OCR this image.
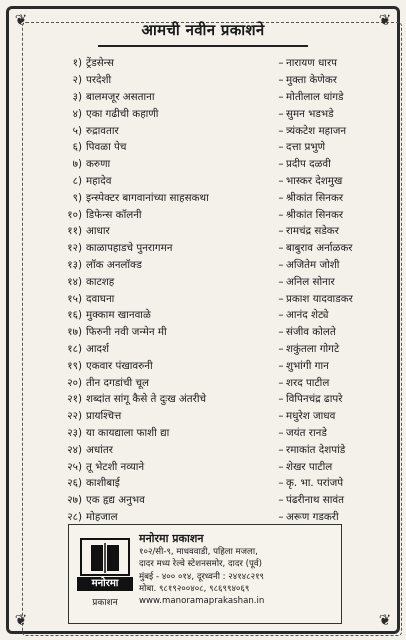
❦	❦
❦	❦
आमची नवीन प्रकाशने
१) ट्रेंडसेन्स	– नारायण धारप
२) परदेशी	– मुक्ता केणेकर
३) बालमजूर असताना	– मोतीलाल धांगडे
४) एका गढीची कहाणी	– सुमन भडभडे
५) रुद्रावतार	– त्र्यंकटेश महाजन
६) पिवळा पेच	– दत्ता प्रभुणे
७) करुणा	– प्रदीप दळवी
८) महादेव	– भास्कर देशमुख
९) इन्स्पेक्टर बागवानांच्या साहसकथा	– श्रीकांत सिनकर
१०) डिफेन्स कॉलनी	– श्रीकांत सिनकर
११) आधार	– रामचंद्र सडेकर
१२) काळापहाडचे पुनरागमन	– बाबुराव अर्नाळकर
१३) लॉक अनलॉक्ड	– अजितेम जोशी
१४) काटशह	– अनिल सोनार
१५) दवाघना	– प्रकाश यादवाडकर
१६) मुक्काम खानवाळे	– आनंद शेट्ये
१७) फिरुनी नवी जन्मेन मी	– संजीव कोलते
१८) आदर्श	– शकुंतला गोगटे
१९) एकवार पंखावरुनी	– शुभांगी गान
२०) तीन दगडांची चूल	– शरद पाटील
२१) शब्दांत सांगू कैसे ते दुःख अंतरीचे	– विपिनचंद्र ढापरे
२२) प्रायश्चित्त	– मधुरेश जाधव
२३) या कायद्याला फाशी द्या	– जयंत रानडे
२४) अधांतर	– रमाकांत देशपांडे
२५) तू भेटशी नव्याने	– शेखर पाटील
२६) काशीबाई	– कृ. भा. परांजपे
२७) एक हृद्य अनुभव	– पंढरीनाथ सावंत
२८) मोहजाल	– अरूण गडकरी
मनोरमा
प्रकाशन
मनोरमा प्रकाशन
१०२/सी-९, माधववाडी, पहिला मजला,
दादर मध्य रेल्वे स्टेशनसमोर, दादर (पूर्व)
मुंबई - ४०० ०१४, दूरध्वनी : २४१४८२१९
मोबा. ९८१९२००४०८, ९८६९९४०६९
www.manoramaprakashan.in
